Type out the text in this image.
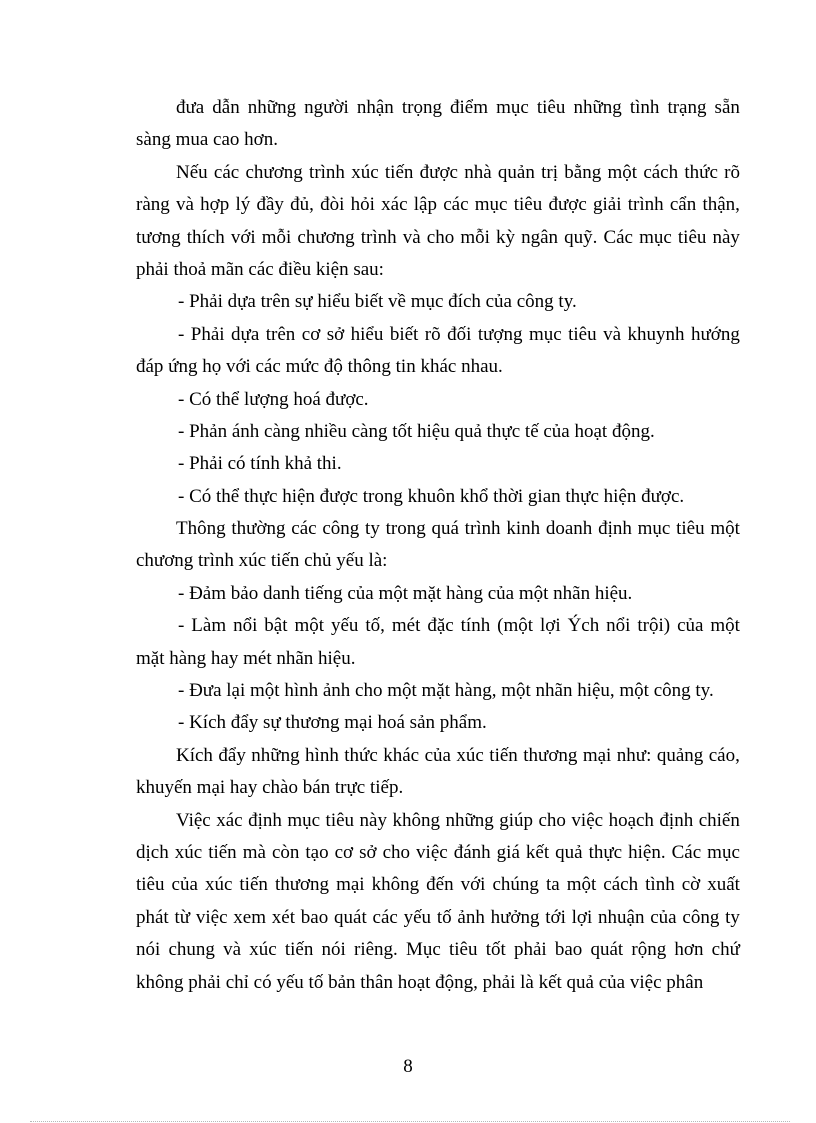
đưa dẫn những người nhận trọng điểm mục tiêu những tình trạng sẵn
sàng mua cao hơn.
Nếu các chương trình xúc tiến được nhà quản trị bằng một cách thức rõ
ràng và hợp lý đầy đủ, đòi hỏi xác lập các mục tiêu được giải trình cẩn thận,
tương thích với mỗi chương trình và cho mỗi kỳ ngân quỹ. Các mục tiêu này
phải thoả mãn các điều kiện sau:
- Phải dựa trên sự hiểu biết về mục đích của công ty.
- Phải dựa trên cơ sở hiểu biết rõ đối tượng mục tiêu và khuynh hướng
đáp ứng họ với các mức độ thông tin khác nhau.
- Có thể lượng hoá được.
- Phản ánh càng nhiều càng tốt hiệu quả thực tế của hoạt động.
- Phải có tính khả thi.
- Có thể thực hiện được trong khuôn khổ thời gian thực hiện được.
Thông thường các công ty trong quá trình kinh doanh định mục tiêu một
chương trình xúc tiến chủ yếu là:
- Đảm bảo danh tiếng của một mặt hàng của một nhãn hiệu.
- Làm nổi bật một yếu tố, mét đặc tính (một lợi Ých nổi trội) của một
mặt hàng hay mét nhãn hiệu.
- Đưa lại một hình ảnh cho một mặt hàng, một nhãn hiệu, một công ty.
- Kích đẩy sự thương mại hoá sản phẩm.
Kích đẩy những hình thức khác của xúc tiến thương mại như: quảng cáo,
khuyến mại hay chào bán trực tiếp.
Việc xác định mục tiêu này không những giúp cho việc hoạch định chiến
dịch xúc tiến mà còn tạo cơ sở cho việc đánh giá kết quả thực hiện. Các mục
tiêu của xúc tiến thương mại không đến với chúng ta một cách tình cờ xuất
phát từ việc xem xét bao quát các yếu tố ảnh hưởng tới lợi nhuận của công ty
nói chung và xúc tiến nói riêng. Mục tiêu tốt phải bao quát rộng hơn chứ
không phải chỉ có yếu tố bản thân hoạt động, phải là kết quả của việc phân
8
